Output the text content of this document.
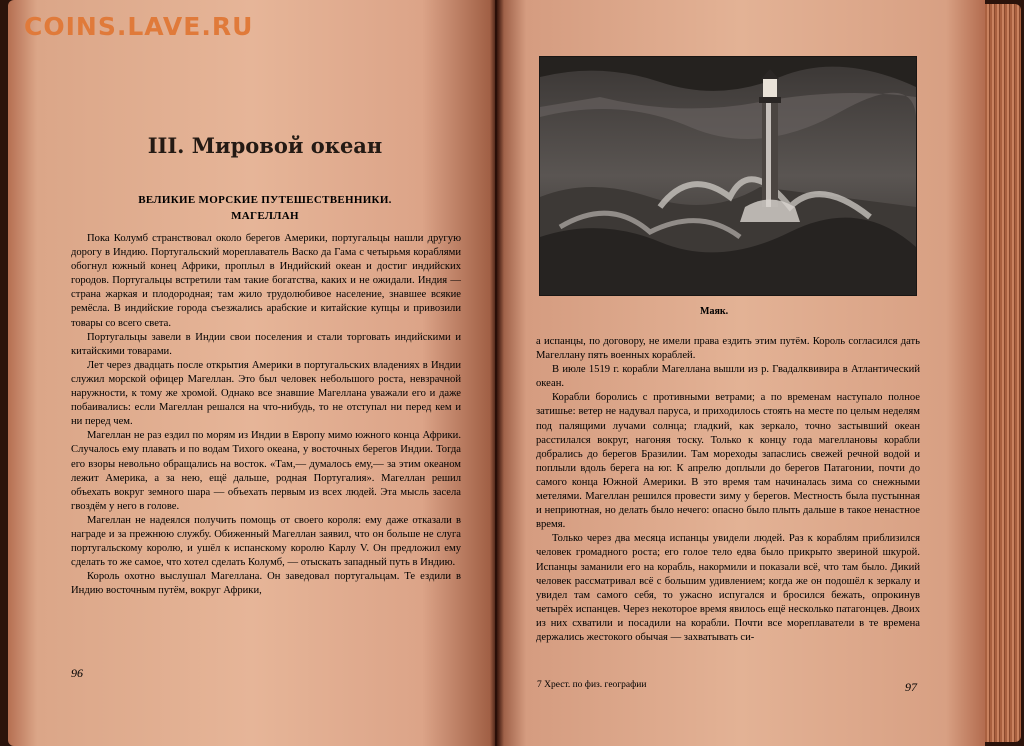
COINS.LAVE.RU
III. Мировой океан
ВЕЛИКИЕ МОРСКИЕ ПУТЕШЕСТВЕННИКИ.
МАГЕЛЛАН

Пока Колумб странствовал около берегов Америки, португальцы нашли другую дорогу в Индию. Португальский мореплаватель Васко да Гама с четырьмя кораблями обогнул южный конец Африки, проплыл в Индийский океан и достиг индийских городов. Португальцы встретили там такие богатства, каких и не ожидали. Индия — страна жаркая и плодородная; там жило трудолюбивое население, знавшее всякие ремёсла. В индийские города съезжались арабские и китайские купцы и привозили товары со всего света.

Португальцы завели в Индии свои поселения и стали торговать индийскими и китайскими товарами.

Лет через двадцать после открытия Америки в португальских владениях в Индии служил морской офицер Магеллан. Это был человек небольшого роста, невзрачной наружности, к тому же хромой. Однако все знавшие Магеллана уважали его и даже побаивались: если Магеллан решался на что-нибудь, то не отступал ни перед кем и ни перед чем.

Магеллан не раз ездил по морям из Индии в Европу мимо южного конца Африки. Случалось ему плавать и по водам Тихого океана, у восточных берегов Индии. Тогда его взоры невольно обращались на восток. «Там,— думалось ему,— за этим океаном лежит Америка, а за нею, ещё дальше, родная Португалия». Магеллан решил объехать вокруг земного шара — объехать первым из всех людей. Эта мысль засела гвоздём у него в голове.

Магеллан не надеялся получить помощь от своего короля: ему даже отказали в награде и за прежнюю службу. Обиженный Магеллан заявил, что он больше не слуга португальскому королю, и ушёл к испанскому королю Карлу V. Он предложил ему сделать то же самое, что хотел сделать Колумб, — отыскать западный путь в Индию.

Король охотно выслушал Магеллана. Он заведовал португальцам. Те ездили в Индию восточным путём, вокруг Африки,

96
Маяк.

а испанцы, по договору, не имели права ездить этим путём. Король согласился дать Магеллану пять военных кораблей.

В июле 1519 г. корабли Магеллана вышли из р. Гвадалквивира в Атлантический океан.

Корабли боролись с противными ветрами; а по временам наступало полное затишье: ветер не надувал паруса, и приходилось стоять на месте по целым неделям под палящими лучами солнца; гладкий, как зеркало, точно застывший океан расстилался вокруг, нагоняя тоску. Только к концу года магеллановы корабли добрались до берегов Бразилии. Там мореходы запаслись свежей речной водой и поплыли вдоль берега на юг. К апрелю доплыли до берегов Патагонии, почти до самого конца Южной Америки. В это время там начиналась зима со снежными метелями. Магеллан решился провести зиму у берегов. Местность была пустынная и неприютная, но делать было нечего: опасно было плыть дальше в такое ненастное время.

Только через два месяца испанцы увидели людей. Раз к кораблям приблизился человек громадного роста; его голое тело едва было прикрыто звериной шкурой. Испанцы заманили его на корабль, накормили и показали всё, что там было. Дикий человек рассматривал всё с большим удивлением; когда же он подошёл к зеркалу и увидел там самого себя, то ужасно испугался и бросился бежать, опрокинув четырёх испанцев. Через некоторое время явилось ещё несколько патагонцев. Двоих из них схватили и посадили на корабли. Почти все мореплаватели в те времена держались жестокого обычая — захватывать си-

7 Хрест. по физ. географии	97
